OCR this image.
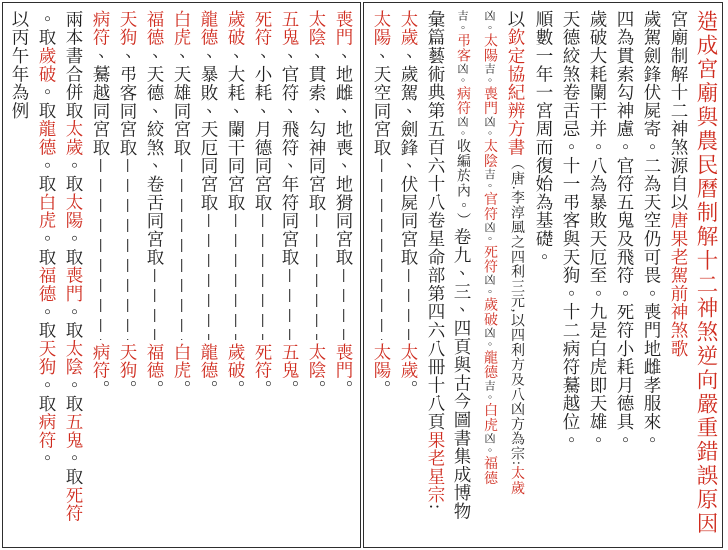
喪門
、地雌、地喪、地猾同宮取
喪門
。
太陰
、貫索、勾神同宮取
太陰
。
五鬼
、官符、飛符、年符同宮取
五鬼
。
死符
、小耗、月德同宮取
死符
。
歲破
、大耗、闌干同宮取
歲破
。
龍德
、暴敗、天厄同宮取
龍德
。
白虎
、天雄同宮取
白虎
。
福德
、天德、絞煞、卷舌同宮取
福德
。
天狗
、弔客同宮取
天狗
。
病符
、驀越同宮取
病符
。
兩本書合併取太歲。取太陽。取喪門。取太陰。取五鬼。取死符
。取歲破。取龍德。取白虎。取福德。取天狗。取病符。
以丙午年為例	造成宮廟與農民曆制解十二神煞逆向嚴重錯誤原因
宮廟制解十二神煞源自以唐果老駕前神煞歌
歲駕劍鋒伏屍寄。二為天空仍可畏。喪門地雌孝服來。
四為貫索勾神慮。官符五鬼及飛符。死符小耗月德具。
歲破大耗闌干并。八為暴敗天厄至。九是白虎即天雄。
天德絞煞卷舌忌。十一弔客與天狗。十二病符驀越位。
順數一年一宮周而復始為基礎。
以欽定協紀辨方書︵唐.李淳風之四利三元,以四利方及八凶方為宗:太歲
凶。太陽吉。喪門凶。太陰吉。官符凶。死符凶。歲破凶。龍德吉。白虎凶。福德
吉。弔客凶。病符凶。收編於內。︶卷九、三、四頁與古今圖書集成博物
彙篇藝術典第五百六十八卷星命部第四六八冊十八頁果老星宗:
太歲
、歲駕、劍鋒、伏屍同宮取
太歲
。
太陽
、天空同宮取
太陽
。
